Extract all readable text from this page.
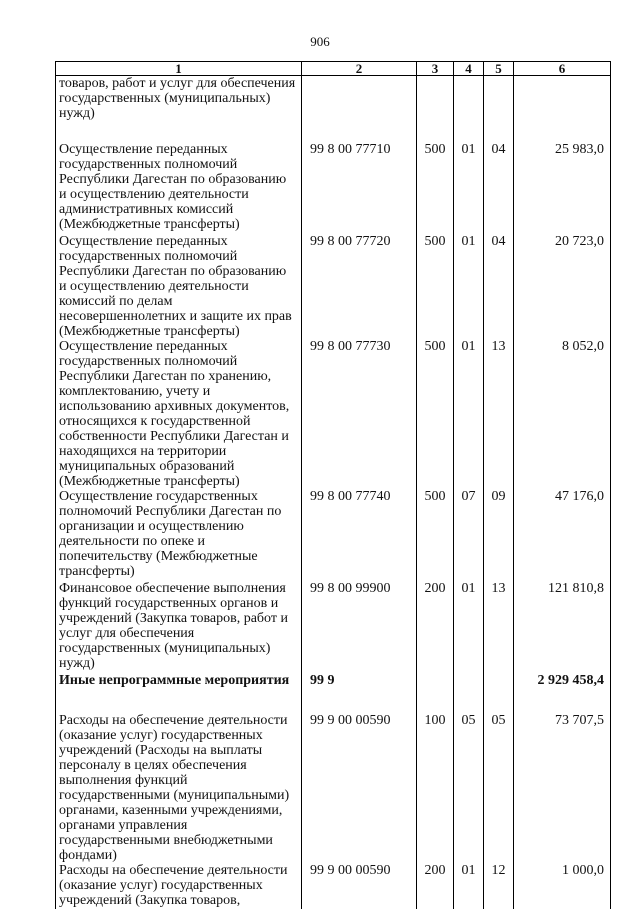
906
1	2	3	4	5	6
товаров, работ и услуг для обеспечения государственных (муниципальных) нужд)					
Осуществление переданных государственных полномочий Республики Дагестан по образованию и осуществлению деятельности административных комиссий (Межбюджетные трансферты)	99 8 00 77710	500	01	04	25 983,0
Осуществление переданных государственных полномочий Республики Дагестан по образованию и осуществлению деятельности комиссий по делам несовершеннолетних и защите их прав (Межбюджетные трансферты)	99 8 00 77720	500	01	04	20 723,0
Осуществление переданных государственных полномочий Республики Дагестан по хранению, комплектованию, учету и использованию архивных документов, относящихся к государственной собственности Республики Дагестан и находящихся на территории муниципальных образований (Межбюджетные трансферты)	99 8 00 77730	500	01	13	8 052,0
Осуществление государственных полномочий Республики Дагестан по организации и осуществлению деятельности по опеке и попечительству (Межбюджетные трансферты)	99 8 00 77740	500	07	09	47 176,0
Финансовое обеспечение выполнения функций государственных органов и учреждений (Закупка товаров, работ и услуг для обеспечения государственных (муниципальных) нужд)	99 8 00 99900	200	01	13	121 810,8
Иные непрограммные мероприятия	99 9				2 929 458,4
Расходы на обеспечение деятельности (оказание услуг) государственных учреждений (Расходы на выплаты персоналу в целях обеспечения выполнения функций государственными (муниципальными) органами, казенными учреждениями, органами управления государственными внебюджетными фондами)	99 9 00 00590	100	05	05	73 707,5
Расходы на обеспечение деятельности (оказание услуг) государственных учреждений (Закупка товаров,	99 9 00 00590	200	01	12	1 000,0
